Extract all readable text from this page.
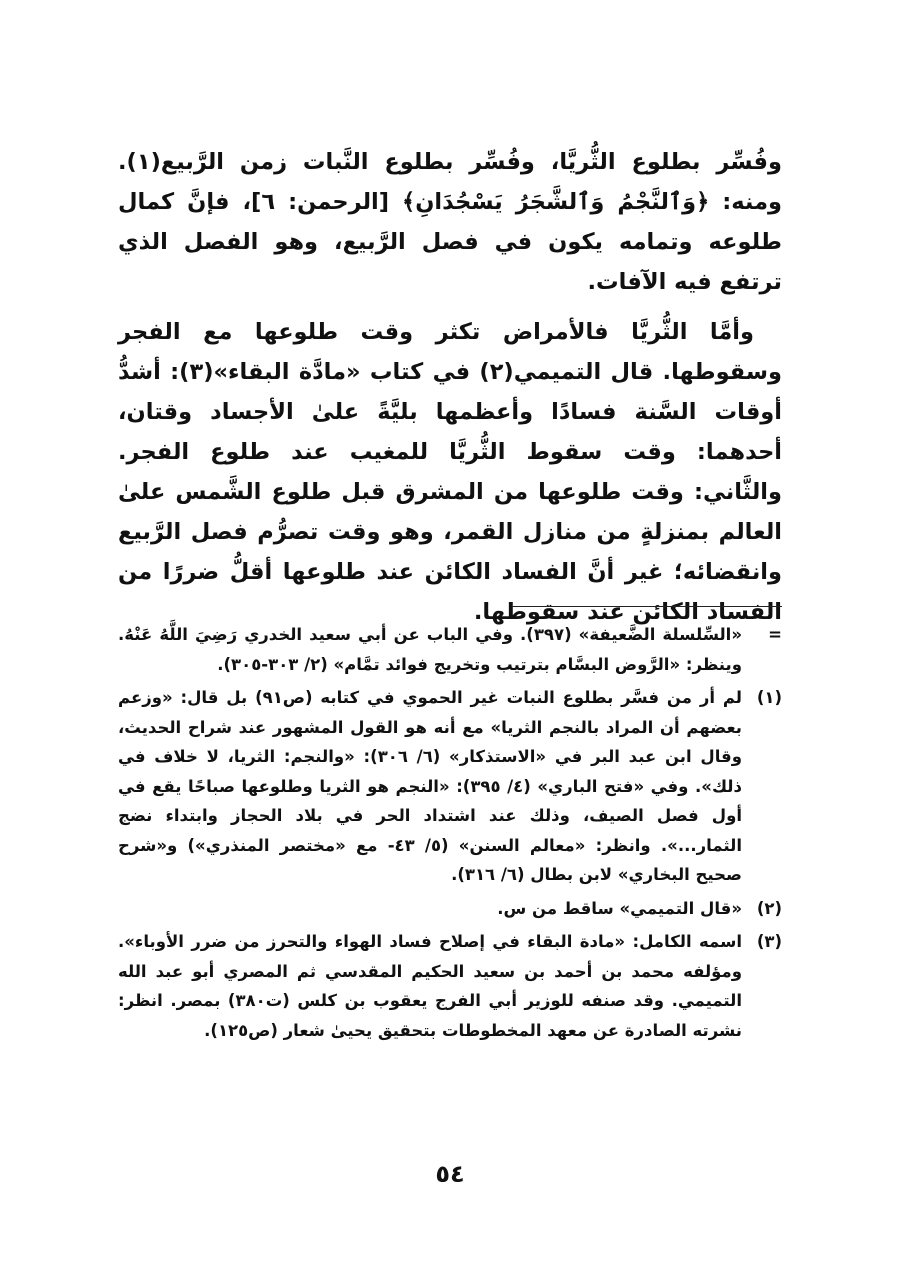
وفُسِّر بطلوع الثُّريَّا، وفُسِّر بطلوع النَّبات زمن الرَّبيع(١). ومنه: ﴿وَٱلنَّجْمُ وَٱلشَّجَرُ يَسْجُدَانِ﴾ [الرحمن: ٦]، فإنَّ كمال طلوعه وتمامه يكون في فصل الرَّبيع، وهو الفصل الذي ترتفع فيه الآفات.

وأمَّا الثُّريَّا فالأمراض تكثر وقت طلوعها مع الفجر وسقوطها. قال التميمي(٢) في كتاب «مادَّة البقاء»(٣): أشدُّ أوقات السَّنة فسادًا وأعظمها بليَّةً علىٰ الأجساد وقتان، أحدهما: وقت سقوط الثُّريَّا للمغيب عند طلوع الفجر. والثَّاني: وقت طلوعها من المشرق قبل طلوع الشَّمس علىٰ العالم بمنزلةٍ من منازل القمر، وهو وقت تصرُّم فصل الرَّبيع وانقضائه؛ غير أنَّ الفساد الكائن عند طلوعها أقلُّ ضررًا من الفساد الكائن عند سقوطها.

=
«السِّلسلة الضَّعيفة» (٣٩٧). وفي الباب عن أبي سعيد الخدري رَضِيَ اللَّهُ عَنْهُ. وينظر: «الرَّوض البسَّام بترتيب وتخريج فوائد تمَّام» (٢/ ٣٠٣-٣٠٥).
(١)
لم أر من فسَّر بطلوع النبات غير الحموي في كتابه (ص٩١) بل قال: «وزعم بعضهم أن المراد بالنجم الثريا» مع أنه هو القول المشهور عند شراح الحديث، وقال ابن عبد البر في «الاستذكار» (٦/ ٣٠٦): «والنجم: الثريا، لا خلاف في ذلك». وفي «فتح الباري» (٤/ ٣٩٥): «النجم هو الثريا وطلوعها صباحًا يقع في أول فصل الصيف، وذلك عند اشتداد الحر في بلاد الحجاز وابتداء نضج الثمار...». وانظر: «معالم السنن» (٥/ ٤٣- مع «مختصر المنذري») و«شرح صحيح البخاري» لابن بطال (٦/ ٣١٦).
(٢)
«قال التميمي» ساقط من س.
(٣)
اسمه الكامل: «مادة البقاء في إصلاح فساد الهواء والتحرز من ضرر الأوباء». ومؤلفه محمد بن أحمد بن سعيد الحكيم المقدسي ثم المصري أبو عبد الله التميمي. وقد صنفه للوزير أبي الفرج يعقوب بن كلس (ت٣٨٠) بمصر. انظر: نشرته الصادرة عن معهد المخطوطات بتحقيق يحيىٰ شعار (ص١٢٥).
٥٤
